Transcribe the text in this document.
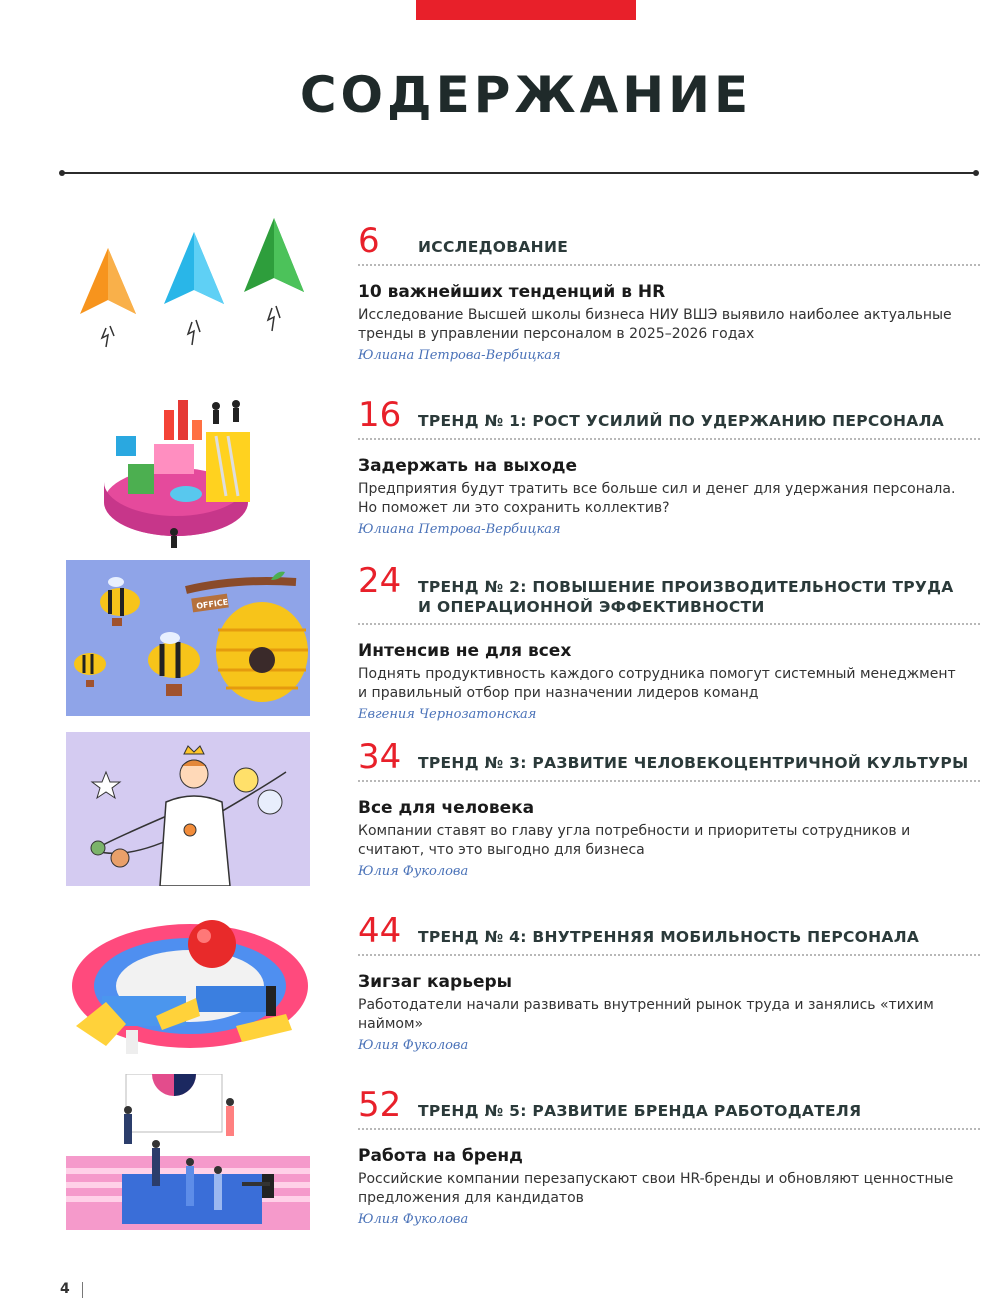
СОДЕРЖАНИЕ
6	ИССЛЕДОВАНИЕ
10 важнейших тенденций в HR
Исследование Высшей школы бизнеса НИУ ВШЭ выявило наиболее актуальные тренды в управлении персоналом в 2025–2026 годах
Юлиана Петрова-Вербицкая
16 ТРЕНД № 1: РОСТ УСИЛИЙ ПО УДЕРЖАНИЮ ПЕРСОНАЛА
Задержать на выходе
Предприятия будут тратить все больше сил и денег для удержания персонала. Но поможет ли это сохранить коллектив?
Юлиана Петрова-Вербицкая
OFFICE
24 ТРЕНД № 2: ПОВЫШЕНИЕ ПРОИЗВОДИТЕЛЬНОСТИ ТРУДА
И ОПЕРАЦИОННОЙ ЭФФЕКТИВНОСТИ
Интенсив не для всех
Поднять продуктивность каждого сотрудника помогут системный менеджмент и правильный отбор при назначении лидеров команд
Евгения Чернозатонская
34 ТРЕНД № 3: РАЗВИТИЕ ЧЕЛОВЕКОЦЕНТРИЧНОЙ КУЛЬТУРЫ
Все для человека
Компании ставят во главу угла потребности и приоритеты сотрудников и считают, что это выгодно для бизнеса
Юлия Фуколова
44 ТРЕНД № 4: ВНУТРЕННЯЯ МОБИЛЬНОСТЬ ПЕРСОНАЛА
Зигзаг карьеры
Работодатели начали развивать внутренний рынок труда и занялись «тихим наймом»
Юлия Фуколова
52 ТРЕНД № 5: РАЗВИТИЕ БРЕНДА РАБОТОДАТЕЛЯ
Работа на бренд
Российские компании перезапускают свои HR-бренды и обновляют ценностные предложения для кандидатов
Юлия Фуколова
4
